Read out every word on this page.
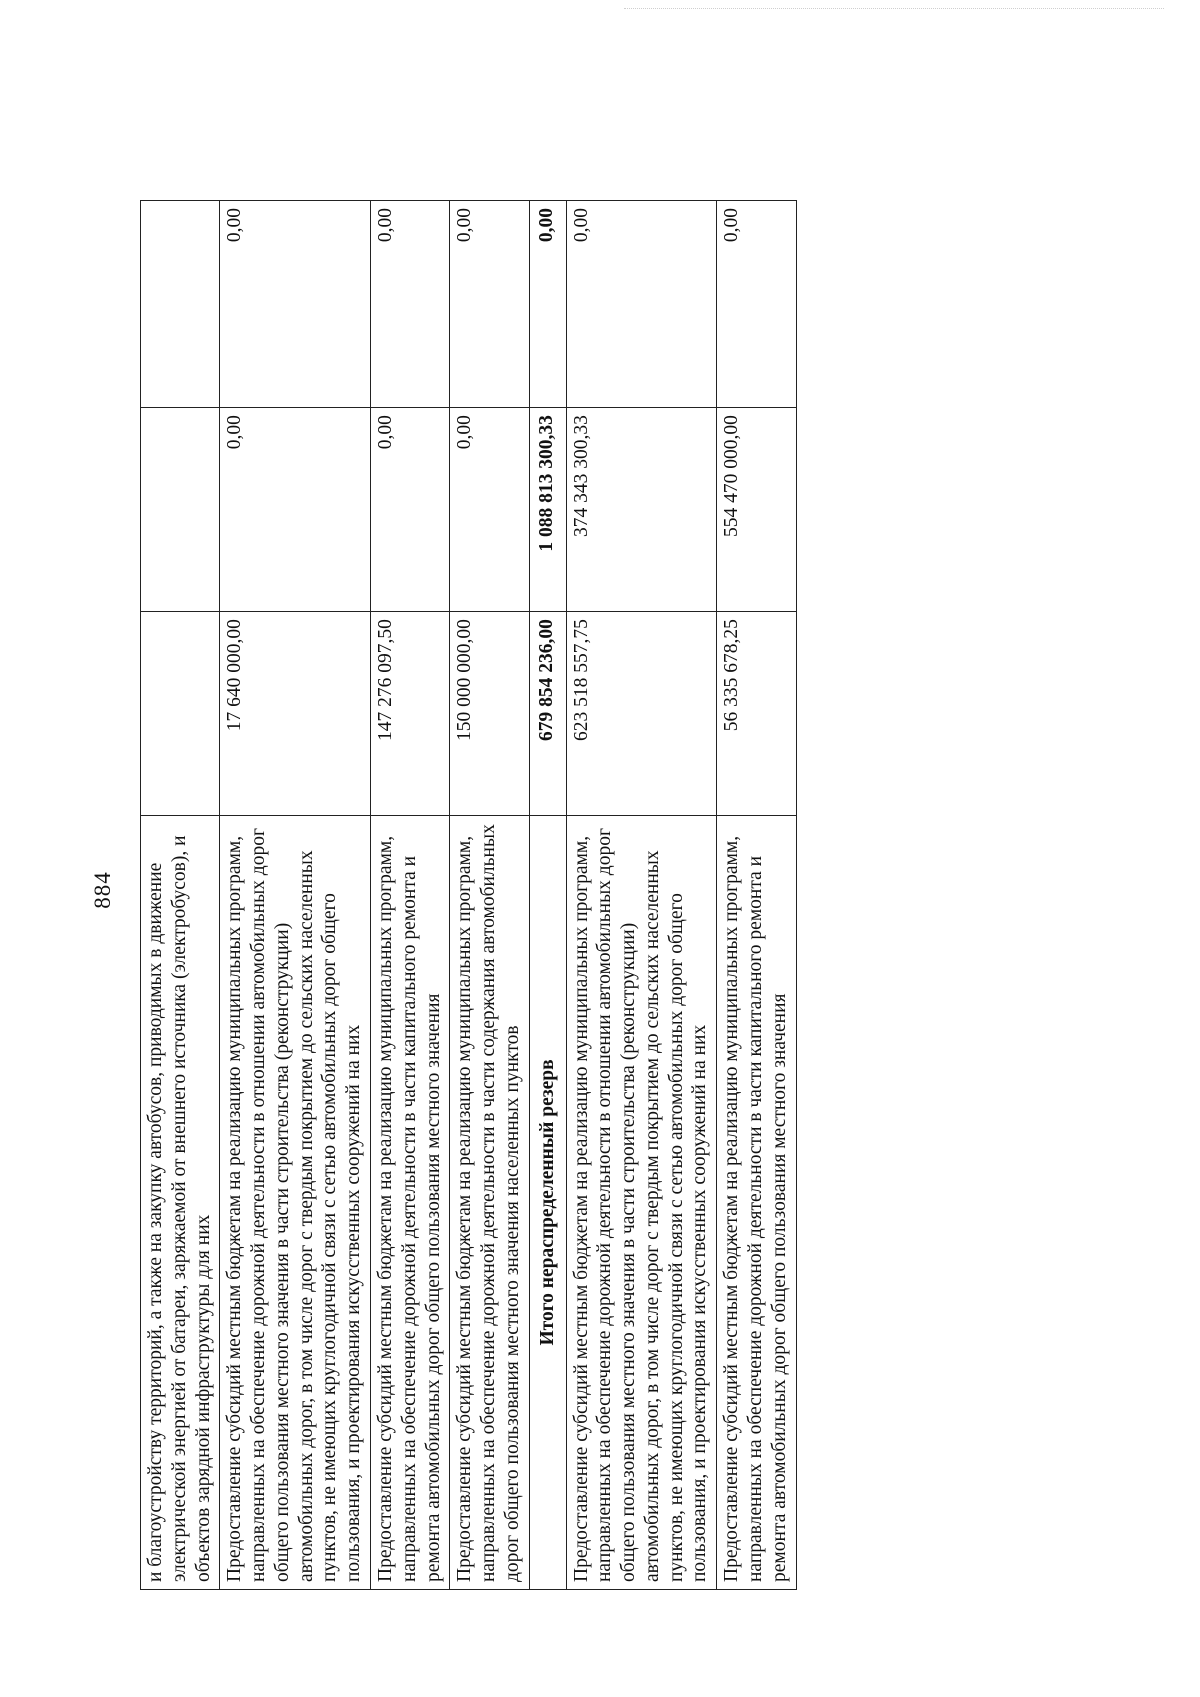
884 и благоустройству территорий, а также на закупку автобусов, приводимых в движение электрической энергией от батареи, заряжаемой от внешнего источника (электробусов), и объектов зарядной инфраструктуры для них			
Предоставление субсидий местным бюджетам на реализацию муниципальных программ, направленных на обеспечение дорожной деятельности в отношении автомобильных дорог общего пользования местного значения в части строительства (реконструкции) автомобильных дорог, в том числе дорог с твердым покрытием до сельских населенных пунктов, не имеющих круглогодичной связи с сетью автомобильных дорог общего пользования, и проектирования искусственных сооружений на них	17 640 000,00	0,00	0,00
Предоставление субсидий местным бюджетам на реализацию муниципальных программ, направленных на обеспечение дорожной деятельности в части капитального ремонта и ремонта автомобильных дорог общего пользования местного значения	147 276 097,50	0,00	0,00
Предоставление субсидий местным бюджетам на реализацию муниципальных программ, направленных на обеспечение дорожной деятельности в части содержания автомобильных дорог общего пользования местного значения населенных пунктов	150 000 000,00	0,00	0,00
Итого нераспределенный резерв	679 854 236,00	1 088 813 300,33	0,00
Предоставление субсидий местным бюджетам на реализацию муниципальных программ, направленных на обеспечение дорожной деятельности в отношении автомобильных дорог общего пользования местного значения в части строительства (реконструкции) автомобильных дорог, в том числе дорог с твердым покрытием до сельских населенных пунктов, не имеющих круглогодичной связи с сетью автомобильных дорог общего пользования, и проектирования искусственных сооружений на них	623 518 557,75	374 343 300,33	0,00
Предоставление субсидий местным бюджетам на реализацию муниципальных программ, направленных на обеспечение дорожной деятельности в части капитального ремонта и ремонта автомобильных дорог общего пользования местного значения	56 335 678,25	554 470 000,00	0,00
